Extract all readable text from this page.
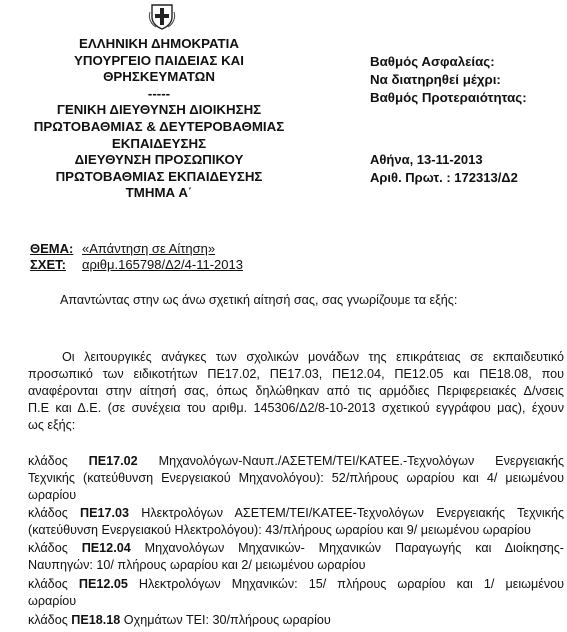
ΕΛΛΗΝΙΚΗ ΔΗΜΟΚΡΑΤΙΑ
ΥΠΟΥΡΓΕΙΟ ΠΑΙΔΕΙΑΣ ΚΑΙ ΘΡΗΣΚΕΥΜΑΤΩΝ
-----
ΓΕΝΙΚΗ ΔΙΕΥΘΥΝΣΗ ΔΙΟΙΚΗΣΗΣ
ΠΡΩΤΟΒΑΘΜΙΑΣ & ΔΕΥΤΕΡΟΒΑΘΜΙΑΣ
ΕΚΠΑΙΔΕΥΣΗΣ
ΔΙΕΥΘΥΝΣΗ ΠΡΟΣΩΠΙΚΟΥ
ΠΡΩΤΟΒΑΘΜΙΑΣ ΕΚΠΑΙΔΕΥΣΗΣ
ΤΜΗΜΑ Α΄
Βαθμός Ασφαλείας:
Να διατηρηθεί μέχρι:
Βαθμός Προτεραιότητας:
Αθήνα, 13-11-2013
Αριθ. Πρωτ. : 172313/Δ2
ΘΕΜΑ: «Απάντηση σε Αίτηση»
ΣΧΕΤ: αριθμ.165798/Δ2/4-11-2013
Απαντώντας στην ως άνω σχετική αίτησή σας, σας γνωρίζουμε τα εξής:
Οι λειτουργικές ανάγκες των σχολικών μονάδων της επικράτειας σε εκπαιδευτικό
προσωπικό των ειδικοτήτων ΠΕ17.02, ΠΕ17.03, ΠΕ12.04, ΠΕ12.05 και ΠΕ18.08, που
αναφέρονται στην αίτησή σας, όπως δηλώθηκαν από τις αρμόδιες Περιφερειακές Δ/νσεις
Π.Ε και Δ.Ε. (σε συνέχεια του αριθμ. 145306/Δ2/8-10-2013 σχετικού εγγράφου μας), έχουν
ως εξής:
κλάδος ΠΕ17.02 Μηχανολόγων-Ναυπ./ΑΣΕΤΕΜ/ΤΕΙ/ΚΑΤΕΕ.-Τεχνολόγων Ενεργειακής
Τεχνικής (κατεύθυνση Ενεργειακού Μηχανολόγου): 52/πλήρους ωραρίου και 4/ μειωμένου
ωραρίου
κλάδος ΠΕ17.03 Ηλεκτρολόγων ΑΣΕΤΕΜ/ΤΕΙ/ΚΑΤΕΕ-Τεχνολόγων Ενεργειακής Τεχνικής
(κατεύθυνση Ενεργειακού Ηλεκτρολόγου): 43/πλήρους ωραρίου και 9/ μειωμένου ωραρίου
κλάδος ΠΕ12.04 Μηχανολόγων Μηχανικών- Μηχανικών Παραγωγής και Διοίκησης-
Ναυπηγών: 10/ πλήρους ωραρίου και 2/ μειωμένου ωραρίου
κλάδος ΠΕ12.05 Ηλεκτρολόγων Μηχανικών: 15/ πλήρους ωραρίου και 1/ μειωμένου
ωραρίου
κλάδος ΠΕ18.18 Οχημάτων ΤΕΙ: 30/πλήρους ωραρίου
